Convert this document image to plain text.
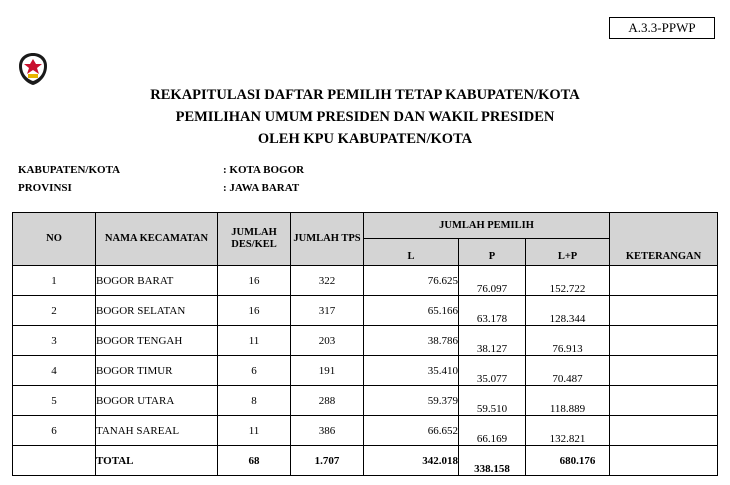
A.3.3-PPWP
REKAPITULASI DAFTAR PEMILIH TETAP KABUPATEN/KOTA
PEMILIHAN UMUM PRESIDEN DAN WAKIL PRESIDEN
OLEH KPU KABUPATEN/KOTA
KABUPATEN/KOTA	: KOTA BOGOR
PROVINSI	: JAWA BARAT
NO	NAMA KECAMATAN	JUMLAH DES/KEL	JUMLAH TPS	JUMLAH PEMILIH			KETERANGAN
				L	P	L+P	
1	BOGOR BARAT	16	322	76.625	76.097	152.722	
2	BOGOR SELATAN	16	317	65.166	63.178	128.344	
3	BOGOR TENGAH	11	203	38.786	38.127	76.913	
4	BOGOR TIMUR	6	191	35.410	35.077	70.487	
5	BOGOR UTARA	8	288	59.379	59.510	118.889	
6	TANAH SAREAL	11	386	66.652	66.169	132.821	
	TOTAL	68	1.707	342.018	338.158	680.176	
